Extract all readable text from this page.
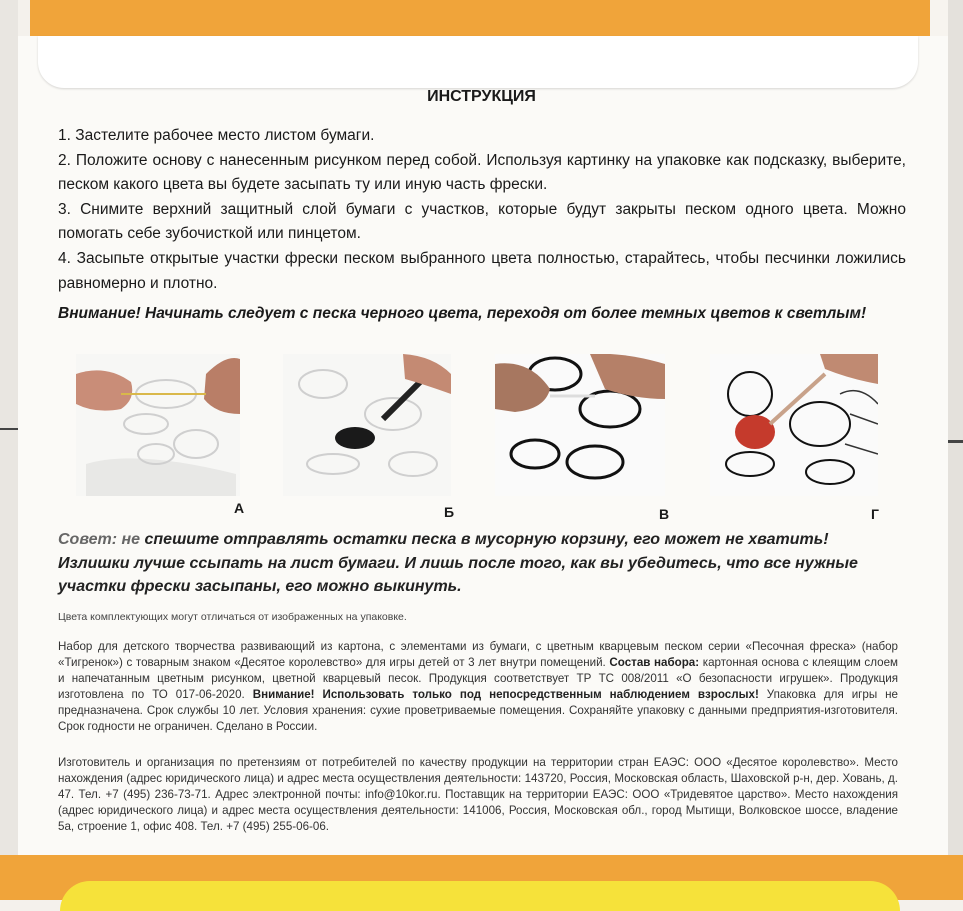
ИНСТРУКЦИЯ

1. Застелите рабочее место листом бумаги.

2. Положите основу с нанесенным рисунком перед собой. Используя картинку на упаковке как подсказку, выберите, песком какого цвета вы будете засыпать ту или иную часть фрески.

3. Снимите верхний защитный слой бумаги с участков, которые будут закрыты песком одного цвета. Можно помогать себе зубочисткой или пинцетом.

4. Засыпьте открытые участки фрески песком выбранного цвета полностью, старайтесь, чтобы песчинки ложились равномерно и плотно.

Внимание! Начинать следует с песка черного цвета, переходя от более темных цветов к светлым!
А	Б	В	Г
Совет: не спешите отправлять остатки песка в мусорную корзину, его может не хватить! Излишки лучше ссыпать на лист бумаги. И лишь после того, как вы убедитесь, что все нужные участки фрески засыпаны, его можно выкинуть.
Цвета комплектующих могут отличаться от изображенных на упаковке.
Набор для детского творчества развивающий из картона, с элементами из бумаги, с цветным кварцевым песком серии «Песочная фреска» (набор «Тигренок») с товарным знаком «Десятое королевство» для игры детей от 3 лет внутри помещений. Состав набора: картонная основа с клеящим слоем и напечатанным цветным рисунком, цветной кварцевый песок. Продукция соответствует ТР ТС 008/2011 «О безопасности игрушек». Продукция изготовлена по ТО 017-06-2020. Внимание! Использовать только под непосредственным наблюдением взрослых! Упаковка для игры не предназначена. Срок службы 10 лет. Условия хранения: сухие проветриваемые помещения. Сохраняйте упаковку с данными предприятия-изготовителя. Срок годности не ограничен. Сделано в России.
Изготовитель и организация по претензиям от потребителей по качеству продукции на территории стран ЕАЭС: ООО «Десятое королевство». Место нахождения (адрес юридического лица) и адрес места осуществления деятельности: 143720, Россия, Московская область, Шаховской р-н, дер. Ховань, д. 47. Тел. +7 (495) 236-73-71. Адрес электронной почты: info@10kor.ru. Поставщик на территории ЕАЭС: ООО «Тридевятое царство». Место нахождения (адрес юридического лица) и адрес места осуществления деятельности: 141006, Россия, Московская обл., город Мытищи, Волковское шоссе, владение 5а, строение 1, офис 408. Тел. +7 (495) 255-06-06.
